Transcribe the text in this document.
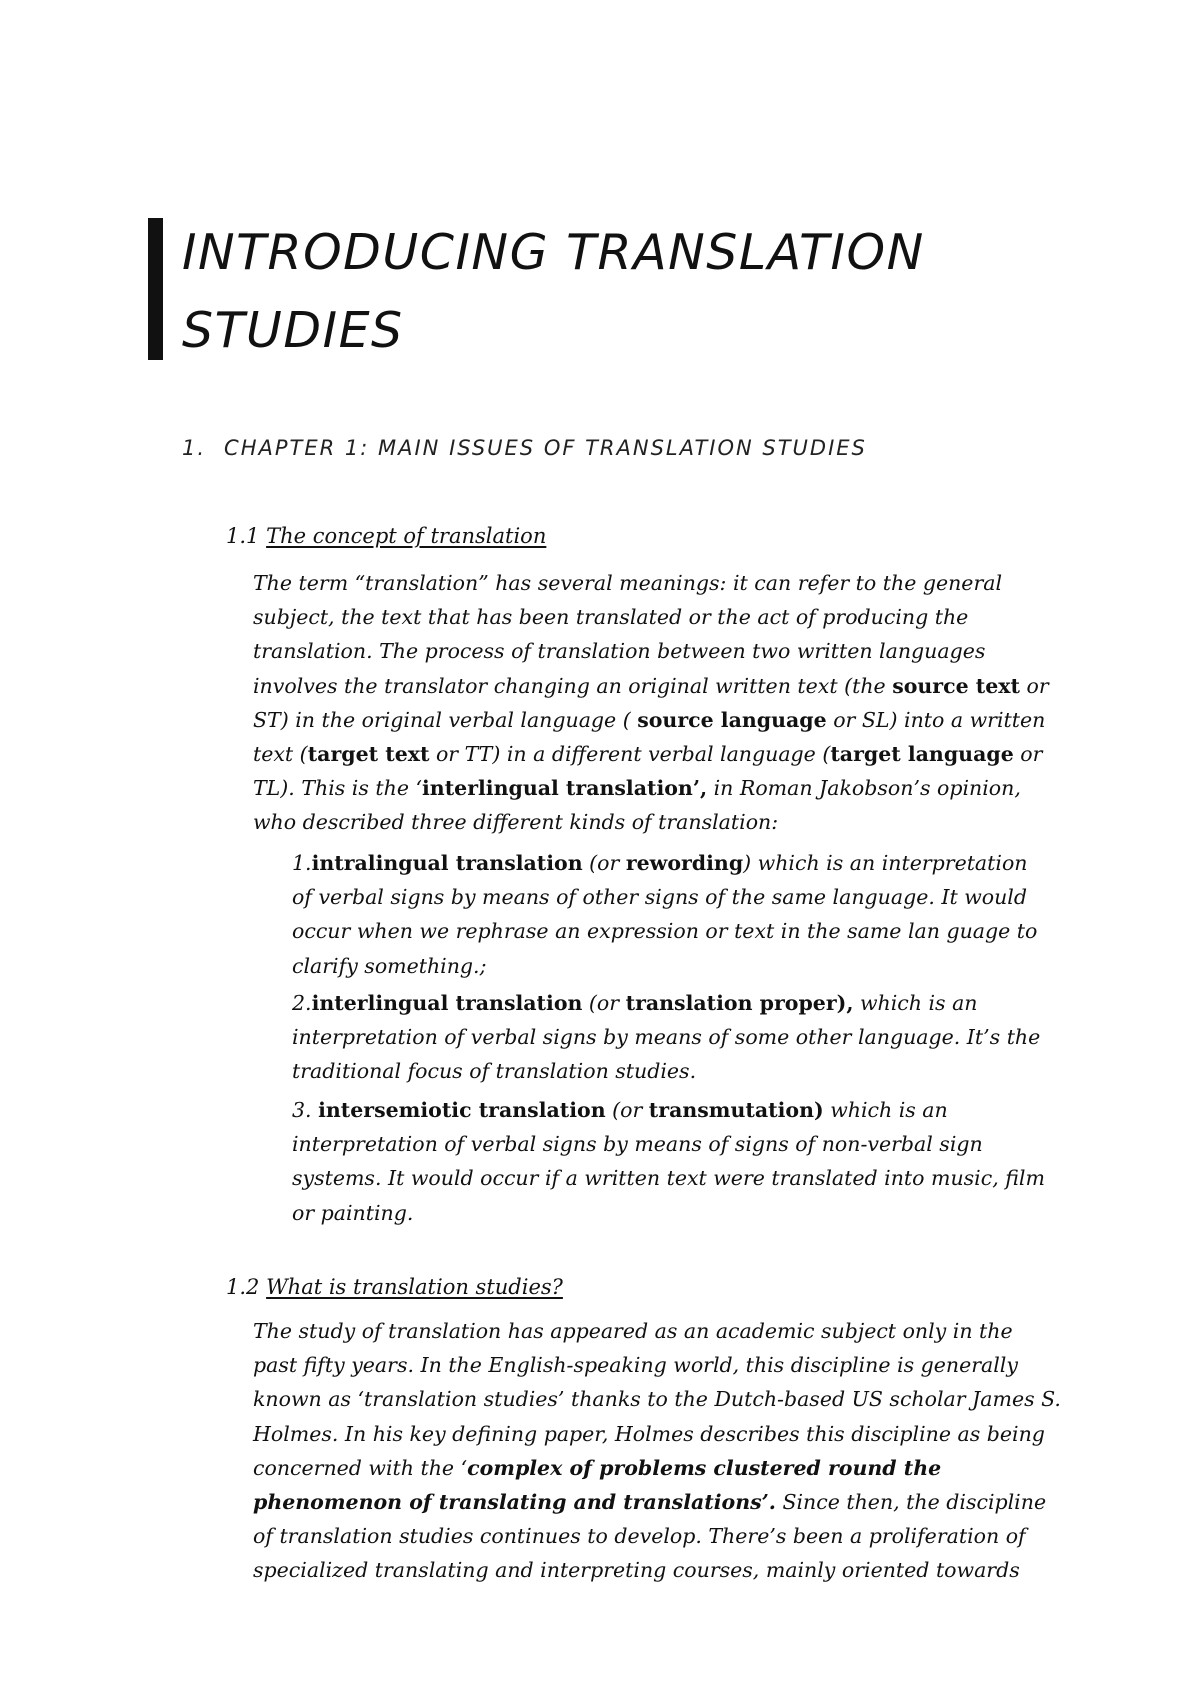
INTRODUCING TRANSLATION
STUDIES
1. CHAPTER 1: MAIN ISSUES OF TRANSLATION STUDIES
1.1 The concept of translation

The term “translation” has several meanings: it can refer to the general subject, the text that has been translated or the act of producing the translation. The process of translation between two written languages involves the translator changing an original written text (the source text or ST) in the original verbal language ( source language or SL) into a written text (target text or TT) in a different verbal language (target language or TL). This is the ‘interlingual translation’, in Roman Jakobson’s opinion, who described three different kinds of translation:

1.intralingual translation (or rewording) which is an interpretation of verbal signs by means of other signs of the same language. It would occur when we rephrase an expression or text in the same lan guage to clarify something.;

2.interlingual translation (or translation proper), which is an interpretation of verbal signs by means of some other language. It’s the traditional focus of translation studies.

3. intersemiotic translation (or transmutation) which is an interpretation of verbal signs by means of signs of non-verbal sign systems. It would occur if a written text were translated into music, film or painting.

1.2 What is translation studies?

The study of translation has appeared as an academic subject only in the past fifty years. In the English-speaking world, this discipline is generally known as ‘translation studies’ thanks to the Dutch-based US scholar James S. Holmes. In his key defining paper, Holmes describes this discipline as being concerned with the ‘complex of problems clustered round the phenomenon of translating and translations’. Since then, the discipline of translation studies continues to develop. There’s been a proliferation of specialized translating and interpreting courses, mainly oriented towards
